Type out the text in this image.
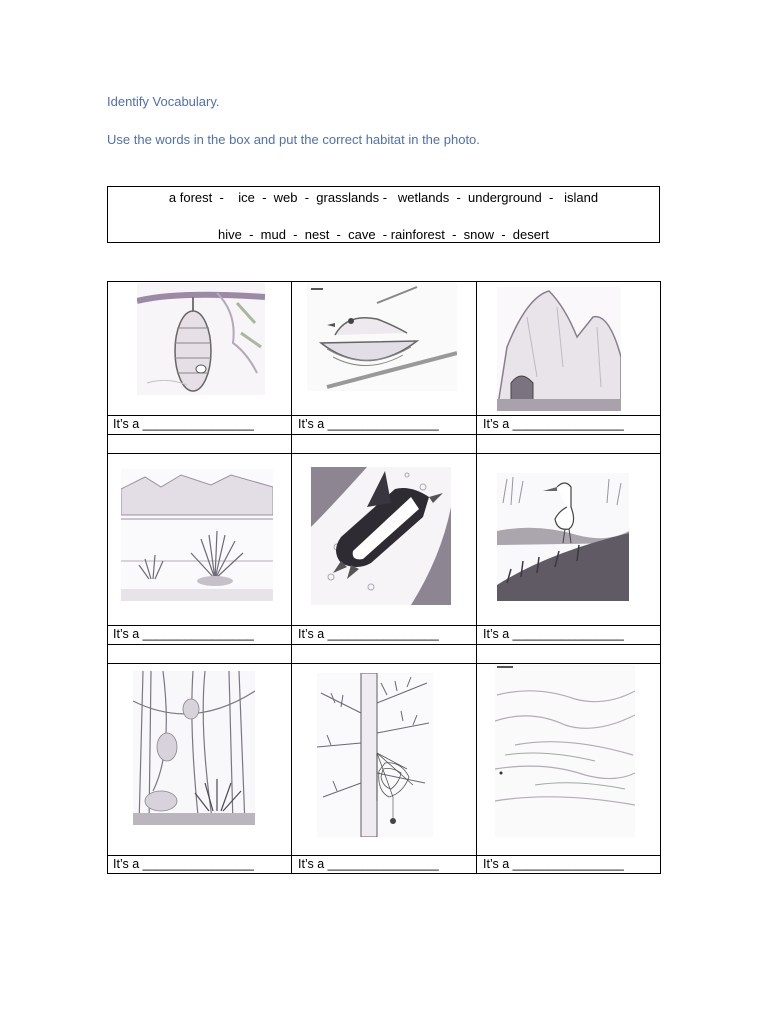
Identify Vocabulary.
Use the words in the box and put the correct habitat in the photo.
a forest  -    ice  -  web  -  grasslands -   wetlands  -  underground  -   island
hive  -  mud  -  nest  -  cave  - rainforest  -  snow  -  desert
It’s a ________________	It’s a ________________	It’s a ________________
It’s a ________________	It’s a ________________	It’s a ________________
It’s a ________________	It’s a ________________	It’s a ________________
